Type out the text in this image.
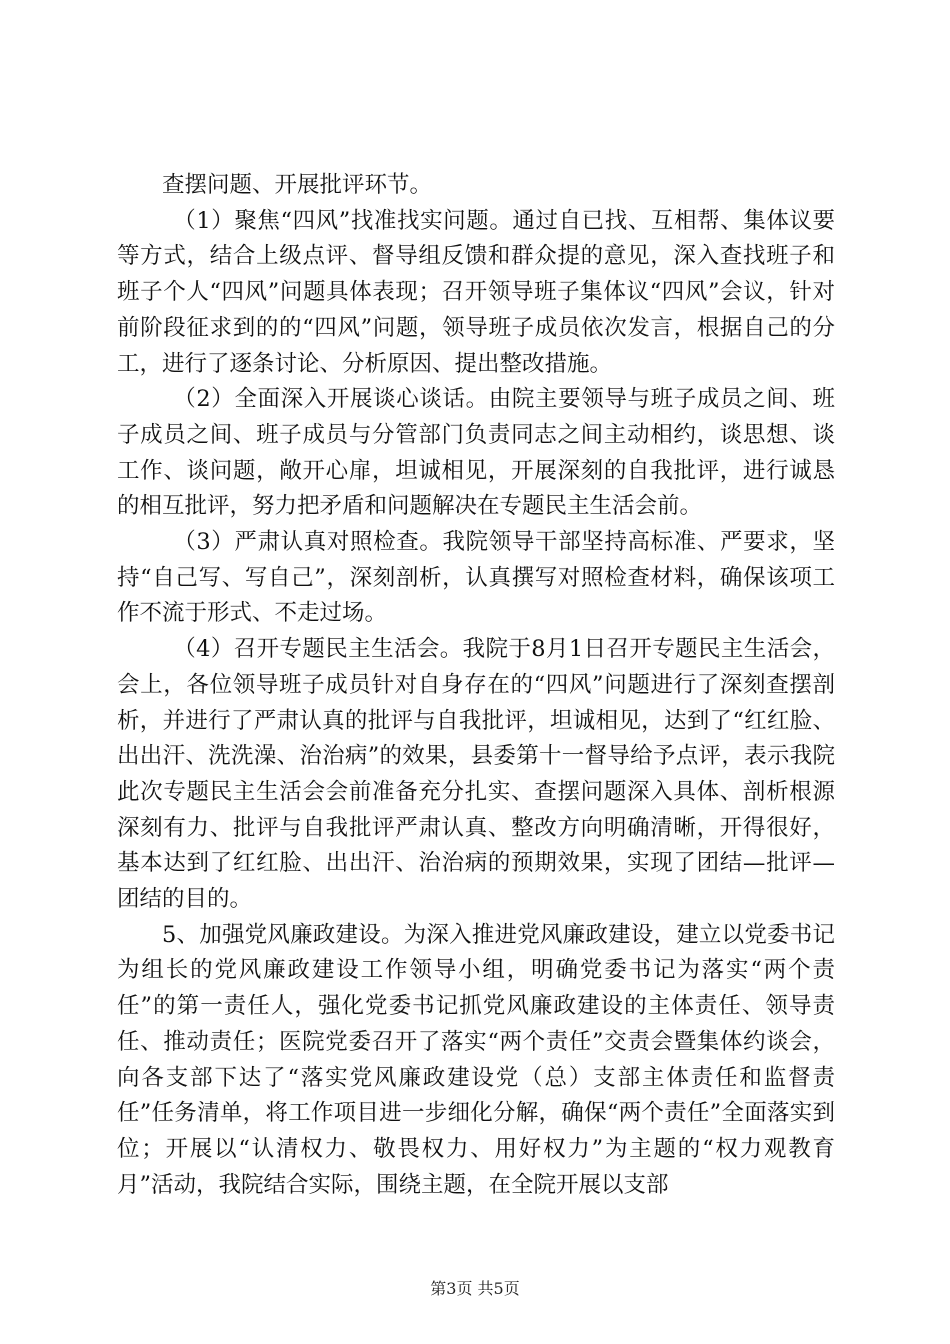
查摆问题、开展批评环节。

（1）聚焦“四风”找准找实问题。通过自已找、互相帮、集体议要等方式，结合上级点评、督导组反馈和群众提的意见，深入查找班子和班子个人“四风”问题具体表现；召开领导班子集体议“四风”会议，针对前阶段征求到的的“四风”问题，领导班子成员依次发言，根据自己的分工，进行了逐条讨论、分析原因、提出整改措施。

（2）全面深入开展谈心谈话。由院主要领导与班子成员之间、班子成员之间、班子成员与分管部门负责同志之间主动相约，谈思想、谈工作、谈问题，敞开心扉，坦诚相见，开展深刻的自我批评，进行诚恳的相互批评，努力把矛盾和问题解决在专题民主生活会前。

（3）严肃认真对照检查。我院领导干部坚持高标准、严要求，坚持“自己写、写自己”，深刻剖析，认真撰写对照检查材料，确保该项工作不流于形式、不走过场。

（4）召开专题民主生活会。我院于8月1日召开专题民主生活会，会上，各位领导班子成员针对自身存在的“四风”问题进行了深刻查摆剖析，并进行了严肃认真的批评与自我批评，坦诚相见，达到了“红红脸、出出汗、洗洗澡、治治病”的效果，县委第十一督导给予点评，表示我院此次专题民主生活会会前准备充分扎实、查摆问题深入具体、剖析根源深刻有力、批评与自我批评严肃认真、整改方向明确清晰，开得很好，基本达到了红红脸、出出汗、治治病的预期效果，实现了团结—批评—团结的目的。

5、加强党风廉政建设。为深入推进党风廉政建设，建立以党委书记为组长的党风廉政建设工作领导小组，明确党委书记为落实“两个责任”的第一责任人，强化党委书记抓党风廉政建设的主体责任、领导责任、推动责任；医院党委召开了落实“两个责任”交责会暨集体约谈会，向各支部下达了“落实党风廉政建设党（总）支部主体责任和监督责任”任务清单，将工作项目进一步细化分解，确保“两个责任”全面落实到位；开展以“认清权力、敬畏权力、用好权力”为主题的“权力观教育月”活动，我院结合实际，围绕主题，在全院开展以支部

第3页 共5页
